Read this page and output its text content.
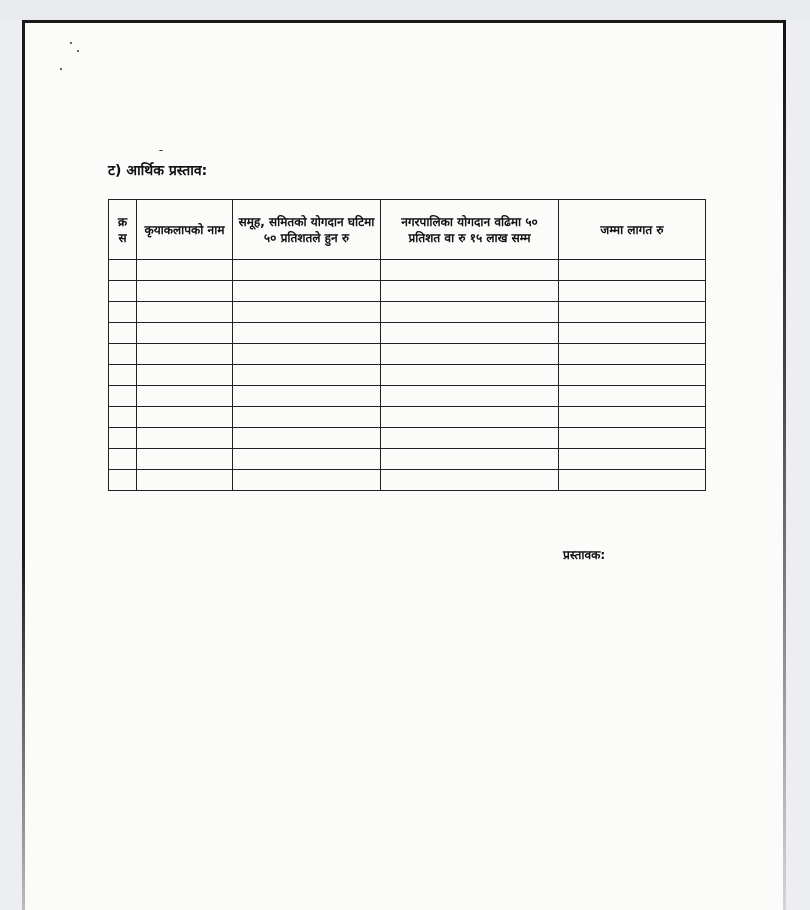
ट) आर्थिक प्रस्ताव:
क्र स	कृयाकलापको नाम	समूह, समितको योगदान घटिमा ५० प्रतिशतले हुन रु	नगरपालिका योगदान वढिमा ५० प्रतिशत वा रु १५ लाख सम्म	जम्मा लागत रु

प्रस्तावक:
